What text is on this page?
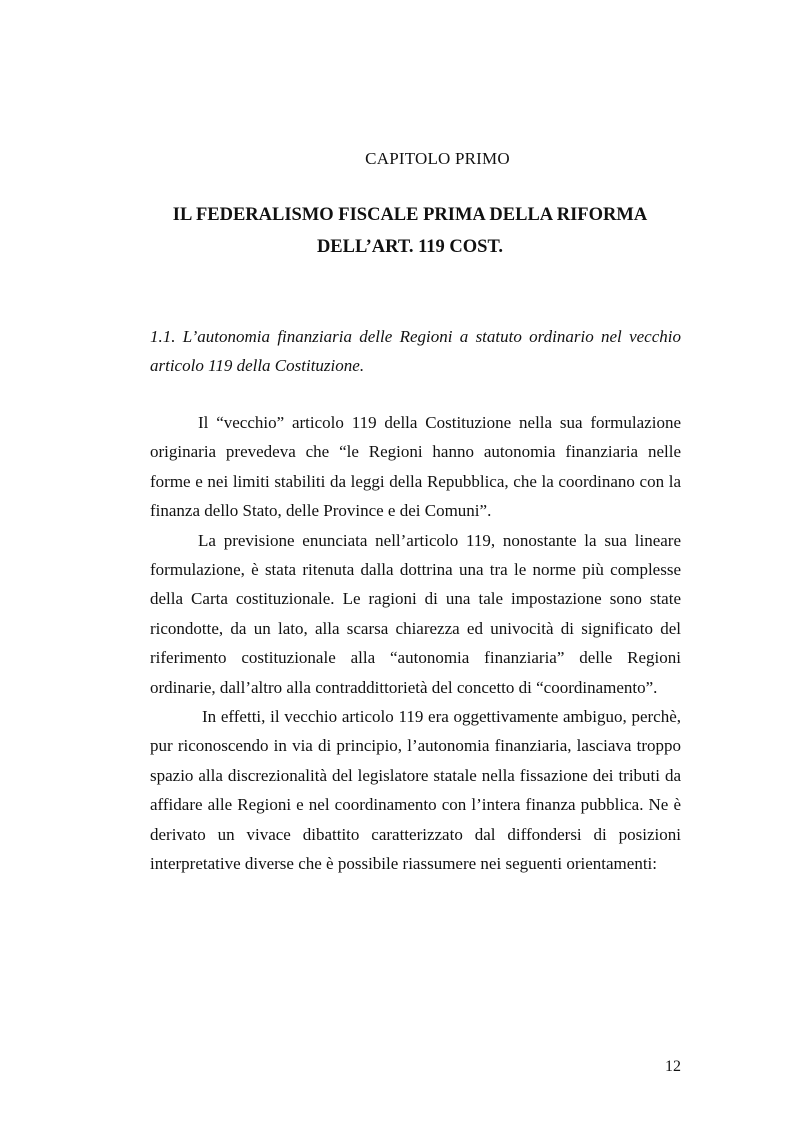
CAPITOLO PRIMO
IL FEDERALISMO FISCALE PRIMA DELLA RIFORMA
DELL’ART. 119 COST.
1.1. L’autonomia finanziaria delle Regioni a statuto ordinario nel vecchio articolo 119 della Costituzione.

Il “vecchio” articolo 119 della Costituzione nella sua formulazione originaria prevedeva che “le Regioni hanno autonomia finanziaria nelle forme e nei limiti stabiliti da leggi della Repubblica, che la coordinano con la finanza dello Stato, delle Province e dei Comuni”.

La previsione enunciata nell’articolo 119, nonostante la sua lineare formulazione, è stata ritenuta dalla dottrina una tra le norme più complesse della Carta costituzionale. Le ragioni di una tale impostazione sono state ricondotte, da un lato, alla scarsa chiarezza ed univocità di significato del riferimento costituzionale alla “autonomia finanziaria” delle Regioni ordinarie, dall’altro alla contraddittorietà del concetto di “coordinamento”.

In effetti, il vecchio articolo 119 era oggettivamente ambiguo, perchè, pur riconoscendo in via di principio, l’autonomia finanziaria, lasciava troppo spazio alla discrezionalità del legislatore statale nella fissazione dei tributi da affidare alle Regioni e nel coordinamento con l’intera finanza pubblica. Ne è derivato un vivace dibattito caratterizzato dal diffondersi di posizioni interpretative diverse che è possibile riassumere nei seguenti orientamenti:

12
